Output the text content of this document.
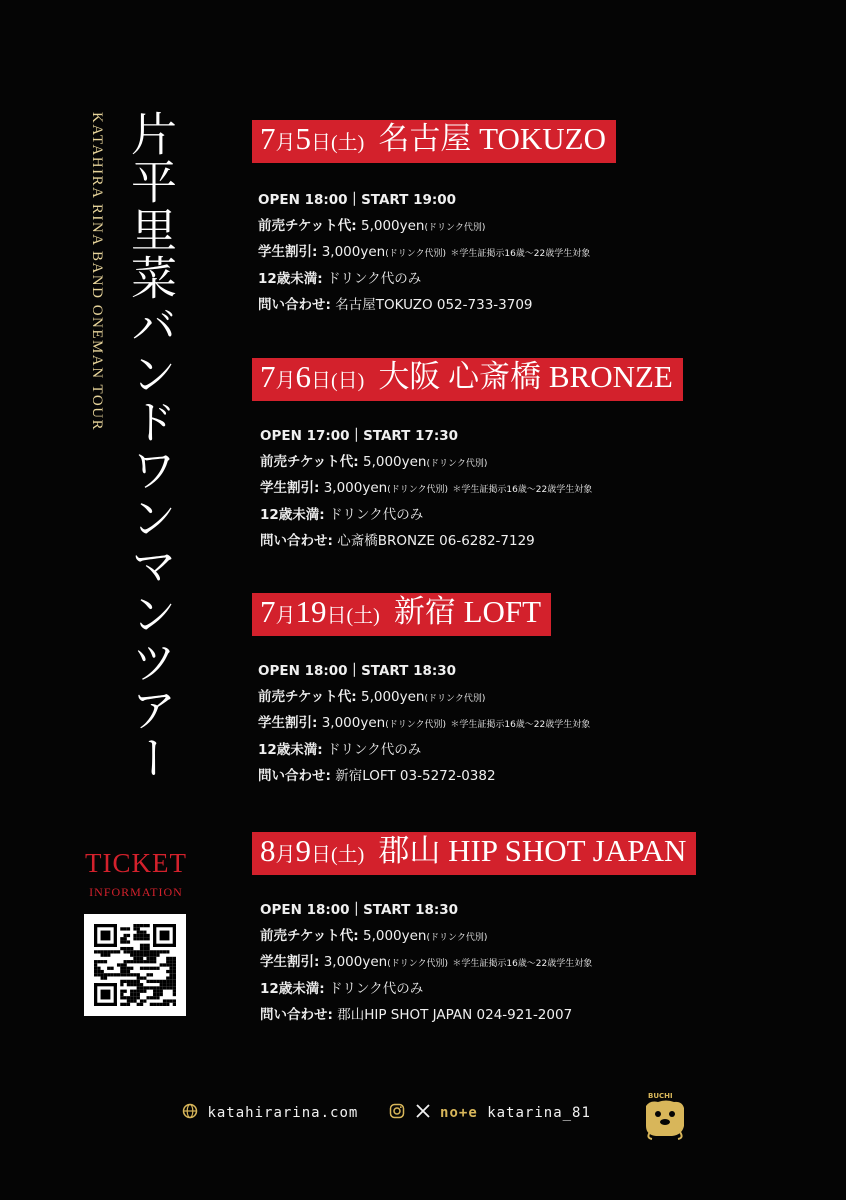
片平里菜バンドワンマンツアー
KATAHIRA RINA BAND ONEMAN TOUR
TICKET
INFORMATION
7月5日(土) 名古屋 TOKUZO
OPEN 18:00｜START 19:00
前売チケット代: 5,000yen(ドリンク代別)
学生割引: 3,000yen(ドリンク代別) ＊学生証掲示16歳〜22歳学生対象
12歳未満: ドリンク代のみ
問い合わせ: 名古屋TOKUZO 052-733-3709
7月6日(日) 大阪 心斎橋 BRONZE
OPEN 17:00｜START 17:30
前売チケット代: 5,000yen(ドリンク代別)
学生割引: 3,000yen(ドリンク代別) ＊学生証掲示16歳〜22歳学生対象
12歳未満: ドリンク代のみ
問い合わせ: 心斎橋BRONZE 06-6282-7129
7月19日(土) 新宿 LOFT
OPEN 18:00｜START 18:30
前売チケット代: 5,000yen(ドリンク代別)
学生割引: 3,000yen(ドリンク代別) ＊学生証掲示16歳〜22歳学生対象
12歳未満: ドリンク代のみ
問い合わせ: 新宿LOFT 03-5272-0382
8月9日(土) 郡山 HIP SHOT JAPAN
OPEN 18:00｜START 18:30
前売チケット代: 5,000yen(ドリンク代別)
学生割引: 3,000yen(ドリンク代別) ＊学生証掲示16歳〜22歳学生対象
12歳未満: ドリンク代のみ
問い合わせ: 郡山HIP SHOT JAPAN 024-921-2007
katahirarina.com	no+e katarina_81
BUCHI
